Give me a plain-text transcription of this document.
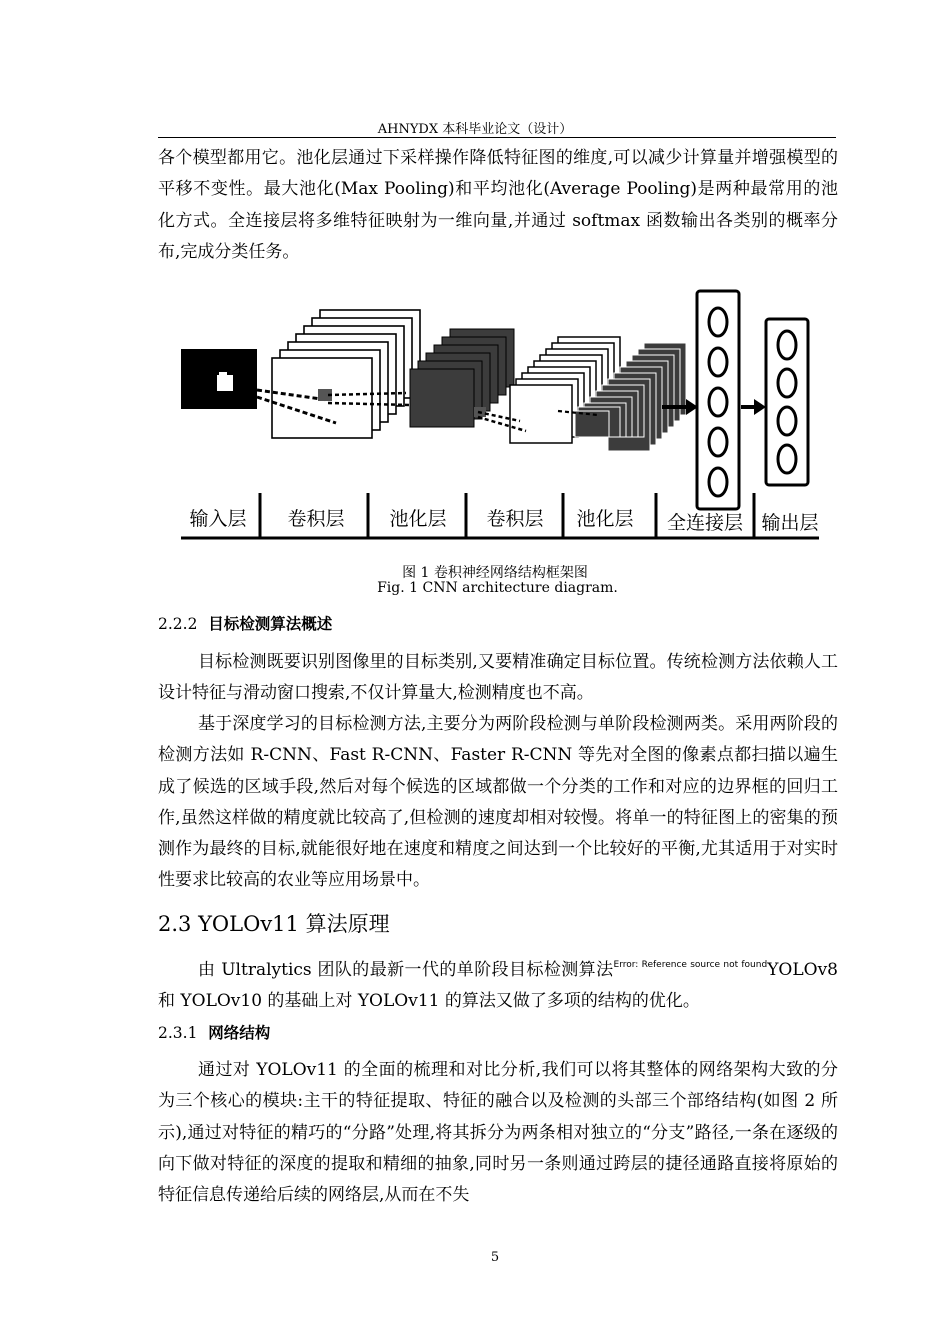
AHNYDX 本科毕业论文（设计）

各个模型都用它。池化层通过下采样操作降低特征图的维度,可以减少计算量并增强模型的平移不变性。最大池化(Max Pooling)和平均池化(Average Pooling)是两种最常用的池化方式。全连接层将多维特征映射为一维向量,并通过 softmax 函数输出各类别的概率分布,完成分类任务。

输入层 卷积层 池化层 卷积层 池化层 全连接层 输出层
图 1 卷积神经网络结构框架图
Fig. 1 CNN architecture diagram.
2.2.2 目标检测算法概述

目标检测既要识别图像里的目标类别,又要精准确定目标位置。传统检测方法依赖人工设计特征与滑动窗口搜索,不仅计算量大,检测精度也不高。

基于深度学习的目标检测方法,主要分为两阶段检测与单阶段检测两类。采用两阶段的检测方法如 R-CNN、Fast R-CNN、Faster R-CNN 等先对全图的像素点都扫描以遍生成了候选的区域手段,然后对每个候选的区域都做一个分类的工作和对应的边界框的回归工作,虽然这样做的精度就比较高了,但检测的速度却相对较慢。将单一的特征图上的密集的预测作为最终的目标,就能很好地在速度和精度之间达到一个比较好的平衡,尤其适用于对实时性要求比较高的农业等应用场景中。

2.3 YOLOv11 算法原理

由 Ultralytics 团队的最新一代的单阶段目标检测算法$^{Error: Reference source not found}$YOLOv8 和 YOLOv10 的基础上对 YOLOv11 的算法又做了多项的结构的优化。

2.3.1 网络结构

通过对 YOLOv11 的全面的梳理和对比分析,我们可以将其整体的网络架构大致的分为三个核心的模块:主干的特征提取、特征的融合以及检测的头部三个部络结构(如图 2 所示),通过对特征的精巧的“分路”处理,将其拆分为两条相对独立的“分支”路径,一条在逐级的向下做对特征的深度的提取和精细的抽象,同时另一条则通过跨层的捷径通路直接将原始的特征信息传递给后续的网络层,从而在不失

5
